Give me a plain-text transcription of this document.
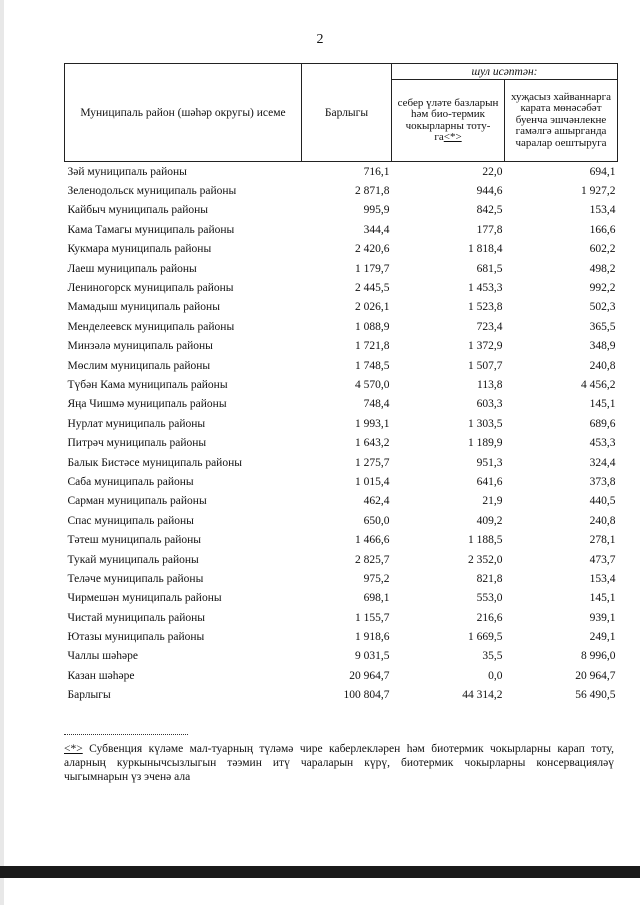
2
Муниципаль район (шәһәр округы) исеме	Барлыгы	шул исәптән:	
		себер үләте базларын һәм био-термик чокырларны тоту-га<*>	хуҗасыз хайваннарга карата мөнәсәбәт буенча эшчәнлекне гамәлгә ашырганда чаралар оештыруга
Зәй муниципаль районы	716,1	22,0	694,1
Зеленодольск муниципаль районы	2 871,8	944,6	1 927,2
Кайбыч муниципаль районы	995,9	842,5	153,4
Кама Тамагы муниципаль районы	344,4	177,8	166,6
Кукмара муниципаль районы	2 420,6	1 818,4	602,2
Лаеш муниципаль районы	1 179,7	681,5	498,2
Лениногорск муниципаль районы	2 445,5	1 453,3	992,2
Мамадыш муниципаль районы	2 026,1	1 523,8	502,3
Менделеевск муниципаль районы	1 088,9	723,4	365,5
Минзәлә муниципаль районы	1 721,8	1 372,9	348,9
Мөслим муниципаль районы	1 748,5	1 507,7	240,8
Түбән Кама муниципаль районы	4 570,0	113,8	4 456,2
Яңа Чишмә муниципаль районы	748,4	603,3	145,1
Нурлат муниципаль районы	1 993,1	1 303,5	689,6
Питрәч муниципаль районы	1 643,2	1 189,9	453,3
Балык Бистәсе муниципаль районы	1 275,7	951,3	324,4
Саба муниципаль районы	1 015,4	641,6	373,8
Сарман муниципаль районы	462,4	21,9	440,5
Спас муниципаль районы	650,0	409,2	240,8
Тәтеш муниципаль районы	1 466,6	1 188,5	278,1
Тукай муниципаль районы	2 825,7	2 352,0	473,7
Теләче муниципаль районы	975,2	821,8	153,4
Чирмешән муниципаль районы	698,1	553,0	145,1
Чистай муниципаль районы	1 155,7	216,6	939,1
Ютазы муниципаль районы	1 918,6	1 669,5	249,1
Чаллы шәһәре	9 031,5	35,5	8 996,0
Казан шәһәре	20 964,7	0,0	20 964,7
Барлыгы	100 804,7	44 314,2	56 490,5
<*> Субвенция күләме мал-туарның түләмә чире каберлекләрен һәм биотермик чокырларны карап тоту, аларның куркынычсызлыгын тәэмин итү чараларын күрү, биотермик чокырларны консервацияләү чыгымнарын үз эченә ала
